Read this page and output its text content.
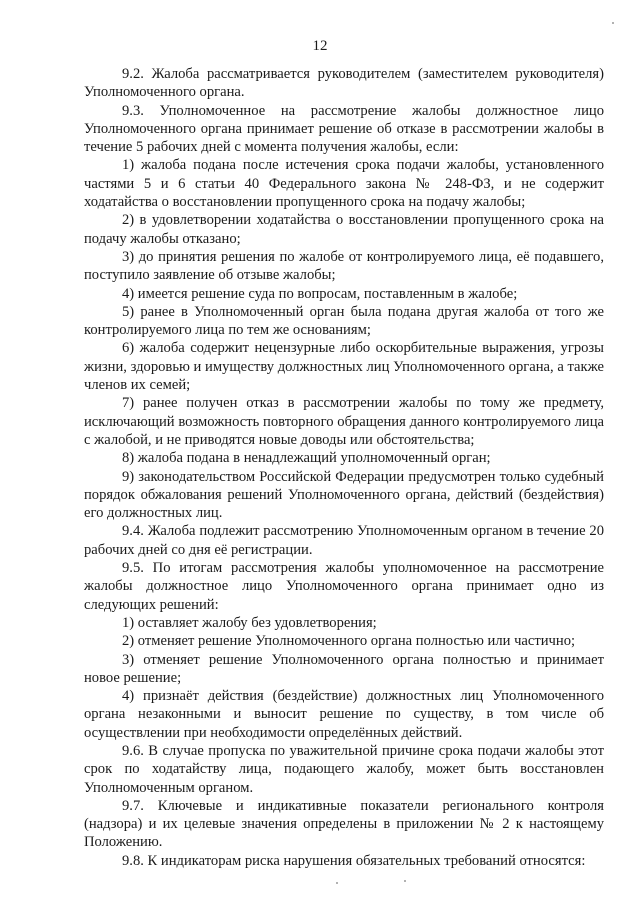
12

9.2. Жалоба рассматривается руководителем (заместителем руководителя) Уполномоченного органа.

9.3. Уполномоченное на рассмотрение жалобы должностное лицо Уполномоченного органа принимает решение об отказе в рассмотрении жалобы в течение 5 рабочих дней с момента получения жалобы, если:

1) жалоба подана после истечения срока подачи жалобы, установленного частями 5 и 6 статьи 40 Федерального закона № 248-ФЗ, и не содержит ходатайства о восстановлении пропущенного срока на подачу жалобы;

2) в удовлетворении ходатайства о восстановлении пропущенного срока на подачу жалобы отказано;

3) до принятия решения по жалобе от контролируемого лица, её подавшего, поступило заявление об отзыве жалобы;

4) имеется решение суда по вопросам, поставленным в жалобе;

5) ранее в Уполномоченный орган была подана другая жалоба от того же контролируемого лица по тем же основаниям;

6) жалоба содержит нецензурные либо оскорбительные выражения, угрозы жизни, здоровью и имуществу должностных лиц Уполномоченного органа, а также членов их семей;

7) ранее получен отказ в рассмотрении жалобы по тому же предмету, исключающий возможность повторного обращения данного контролируемого лица с жалобой, и не приводятся новые доводы или обстоятельства;

8) жалоба подана в ненадлежащий уполномоченный орган;

9) законодательством Российской Федерации предусмотрен только судебный порядок обжалования решений Уполномоченного органа, действий (бездействия) его должностных лиц.

9.4. Жалоба подлежит рассмотрению Уполномоченным органом в течение 20 рабочих дней со дня её регистрации.

9.5. По итогам рассмотрения жалобы уполномоченное на рассмотрение жалобы должностное лицо Уполномоченного органа принимает одно из следующих решений:

1) оставляет жалобу без удовлетворения;

2) отменяет решение Уполномоченного органа полностью или частично;

3) отменяет решение Уполномоченного органа полностью и принимает новое решение;

4) признаёт действия (бездействие) должностных лиц Уполномоченного органа незаконными и выносит решение по существу, в том числе об осуществлении при необходимости определённых действий.

9.6. В случае пропуска по уважительной причине срока подачи жалобы этот срок по ходатайству лица, подающего жалобу, может быть восстановлен Уполномоченным органом.

9.7. Ключевые и индикативные показатели регионального контроля (надзора) и их целевые значения определены в приложении № 2 к настоящему Положению.

9.8. К индикаторам риска нарушения обязательных требований относятся:
